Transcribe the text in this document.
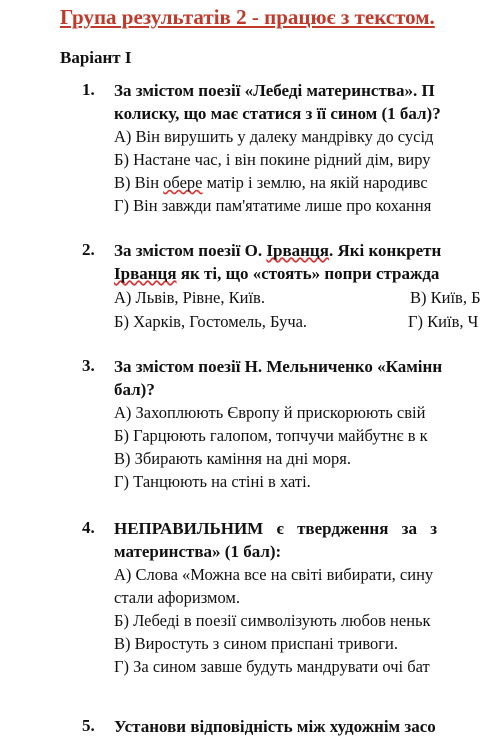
Група результатів 2 - працює з текстом.
Варіант І
1. За змістом поезії «Лебеді материнства». П
колиску, що має статися з її сином (1 бал)?
А) Він вирушить у далеку мандрівку до сусід
Б) Настане час, і він покине рідний дім, виру
В) Він обере матір і землю, на якій народивс
Г) Він завжди пам'ятатиме лише про кохання
2. За змістом поезії О. Ірванця. Які конкретн
Ірванця як ті, що «стоять» попри стражда
А) Львів, Рівне, Київ.	В) Київ, Б
Б) Харків, Гостомель, Буча.	Г) Київ, Ч
3. За змістом поезії Н. Мельниченко «Камінн
бал)?
А) Захоплюють Європу й прискорюють свій
Б) Гарцюють галопом, топчучи майбутнє в к
В) Збирають каміння на дні моря.
Г) Танцюють на стіні в хаті.
4. НЕПРАВИЛЬНИМ є твердження за з
материнства» (1 бал):
А) Слова «Можна все на світі вибирати, сину
стали афоризмом.
Б) Лебеді в поезії символізують любов неньк
В) Виростуть з сином приспані тривоги.
Г) За сином завше будуть мандрувати очі бат
5. Установи відповідність між художнім засо
